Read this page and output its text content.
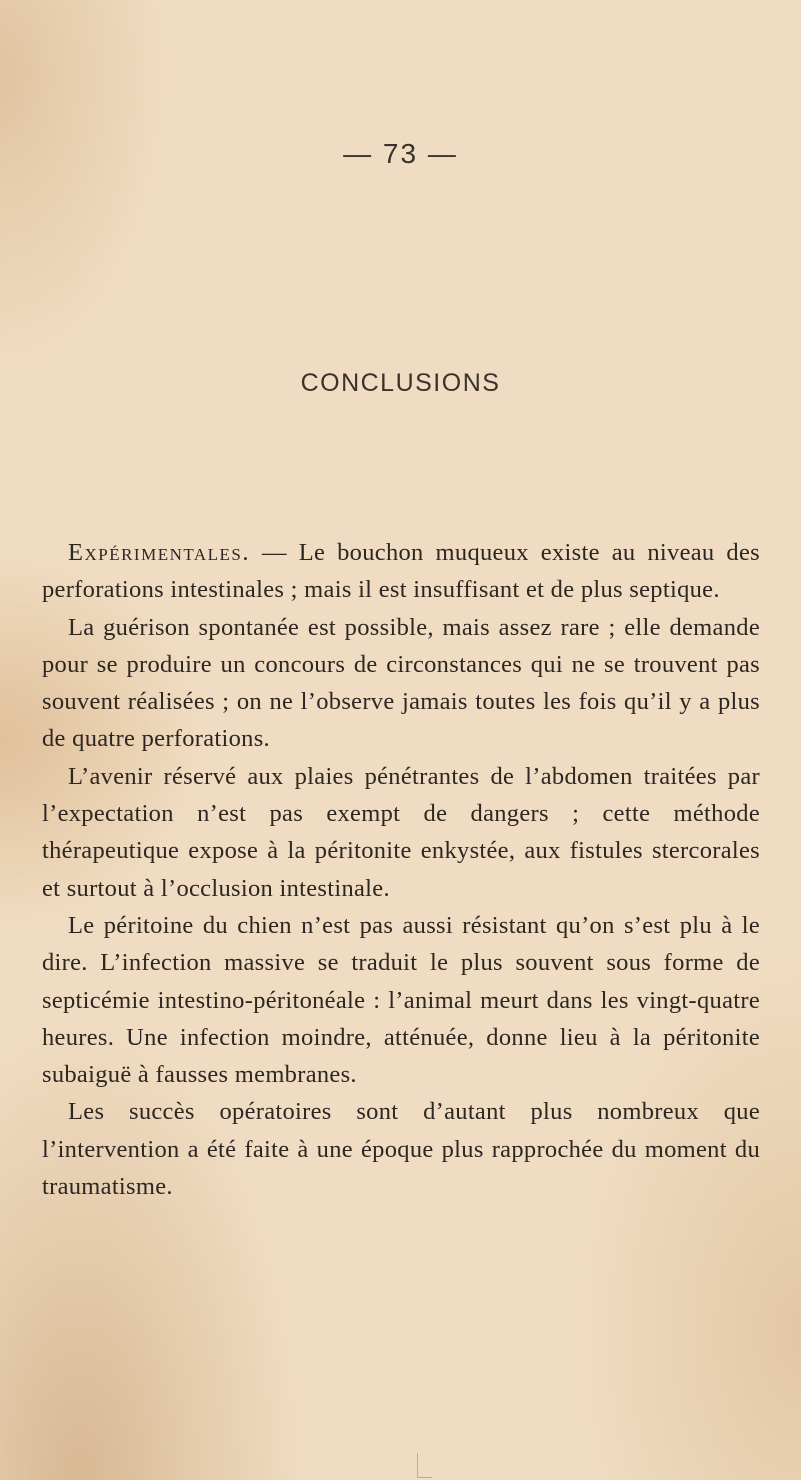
— 73 —
CONCLUSIONS

Expérimentales. — Le bouchon muqueux existe au niveau des perforations intestinales ; mais il est insuffisant et de plus septique.

La guérison spontanée est possible, mais assez rare ; elle demande pour se produire un concours de circonstances qui ne se trouvent pas souvent réalisées ; on ne l’observe jamais toutes les fois qu’il y a plus de quatre perforations.

L’avenir réservé aux plaies pénétrantes de l’abdomen traitées par l’expectation n’est pas exempt de dangers ; cette méthode thérapeutique expose à la péritonite enkystée, aux fistules stercorales et surtout à l’occlusion intestinale.

Le péritoine du chien n’est pas aussi résistant qu’on s’est plu à le dire. L’infection massive se traduit le plus souvent sous forme de septicémie intestino-péritonéale : l’animal meurt dans les vingt-quatre heures. Une infection moindre, atténuée, donne lieu à la péritonite subaiguë à fausses membranes.

Les succès opératoires sont d’autant plus nombreux que l’intervention a été faite à une époque plus rapprochée du moment du traumatisme.
